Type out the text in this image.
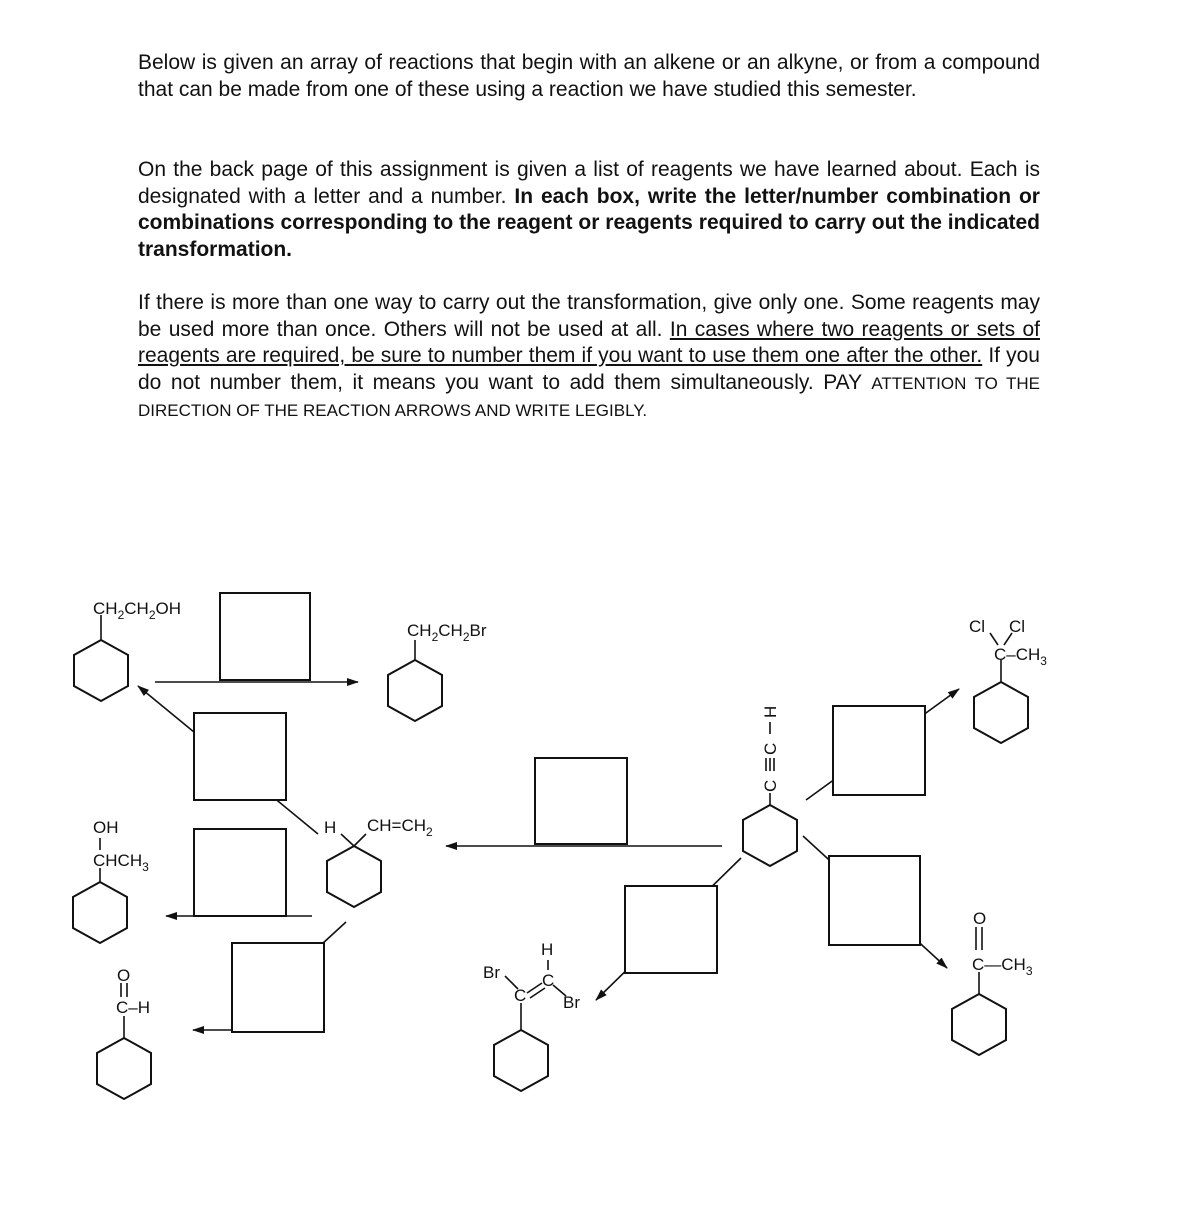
Below is given an array of reactions that begin with an alkene or an alkyne, or from a compound that can be made from one of these using a reaction we have studied this semester.

On the back page of this assignment is given a list of reagents we have learned about. Each is designated with a letter and a number. In each box, write the letter/number combination or combinations corresponding to the reagent or reagents required to carry out the indicated transformation.

If there is more than one way to carry out the transformation, give only one. Some reagents may be used more than once. Others will not be used at all. In cases where two reagents or sets of reagents are required, be sure to number them if you want to use them one after the other. If you do not number them, it means you want to add them simultaneously. PAY ATTENTION TO THE DIRECTION OF THE REACTION ARROWS AND WRITE LEGIBLY.

$CH_2CH_2OH$
$CH_2CH_2Br$
OH
$CHCH_3$
O
C–H
H $CH=CH_2$
Br
H
C
C
Br
C
C
H
Cl Cl
$C-CH_3$
O
$C—CH_3$
